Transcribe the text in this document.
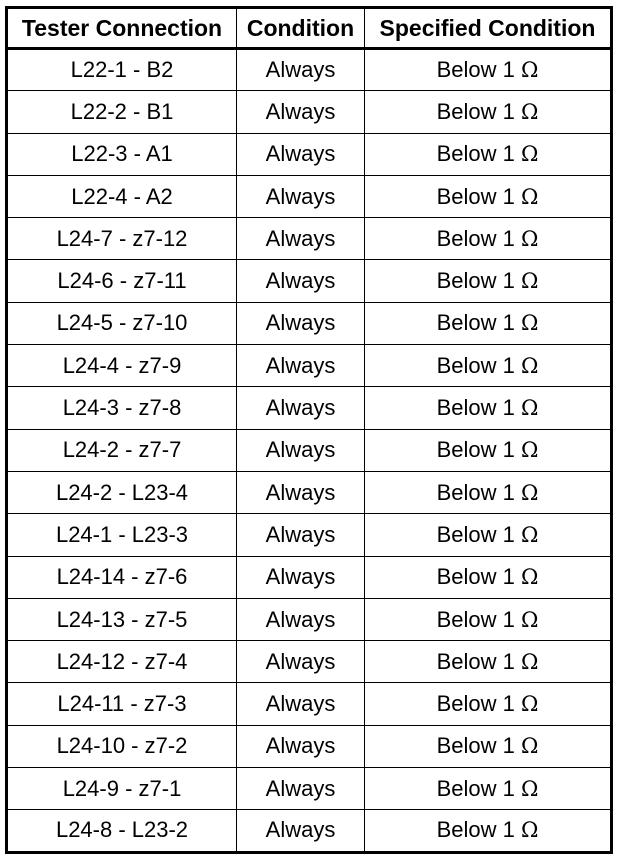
Tester Connection	Condition	Specified Condition
L22-1 - B2	Always	Below 1 Ω
L22-2 - B1	Always	Below 1 Ω
L22-3 - A1	Always	Below 1 Ω
L22-4 - A2	Always	Below 1 Ω
L24-7 - z7-12	Always	Below 1 Ω
L24-6 - z7-11	Always	Below 1 Ω
L24-5 - z7-10	Always	Below 1 Ω
L24-4 - z7-9	Always	Below 1 Ω
L24-3 - z7-8	Always	Below 1 Ω
L24-2 - z7-7	Always	Below 1 Ω
L24-2 - L23-4	Always	Below 1 Ω
L24-1 - L23-3	Always	Below 1 Ω
L24-14 - z7-6	Always	Below 1 Ω
L24-13 - z7-5	Always	Below 1 Ω
L24-12 - z7-4	Always	Below 1 Ω
L24-11 - z7-3	Always	Below 1 Ω
L24-10 - z7-2	Always	Below 1 Ω
L24-9 - z7-1	Always	Below 1 Ω
L24-8 - L23-2	Always	Below 1 Ω
